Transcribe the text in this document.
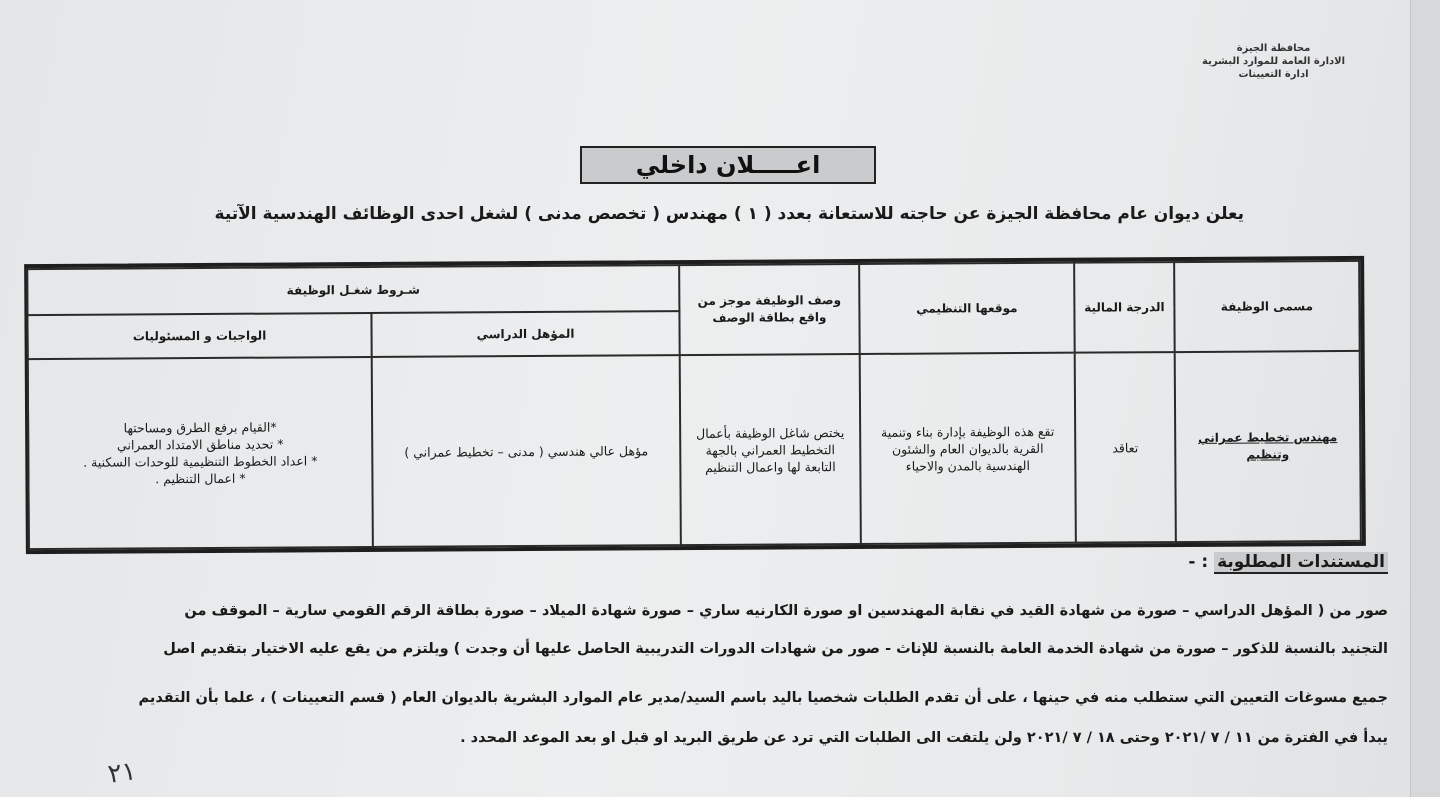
محافظة الجيزة
الادارة العامة للموارد البشرية
ادارة التعيينات
اعـــــلان داخلي
يعلن ديوان عام محافظة الجيزة عن حاجته للاستعانة بعدد ( ١ ) مهندس ( تخصص مدنى ) لشغل احدى الوظائف الهندسية الآتية
مسمى الوظيفة	الدرجة المالية	موقعها التنظيمي	وصف الوظيفة موجز من واقع بطاقة الوصف	شـروط شغـل الوظيفة	
				المؤهل الدراسي	الواجبات و المسئوليات
مهندس تخطيط عمراني وتنظيم	تعاقد	تقع هذه الوظيفة بإدارة بناء وتنمية القرية بالديوان العام والشئون الهندسية بالمدن والاحياء	يختص شاغل الوظيفة بأعمال التخطيط العمراني بالجهة التابعة لها واعمال التنظيم	مؤهل عالي هندسي ( مدنى – تخطيط عمراني )	*القيام برفع الطرق ومساحتها
* تحديد مناطق الامتداد العمراني
* اعداد الخطوط التنظيمية للوحدات السكنية .
* اعمال التنظيم .
المستندات المطلوبة : -
صور من ( المؤهل الدراسي – صورة من شهادة القيد في نقابة المهندسين او صورة الكارنيه ساري – صورة شهادة الميلاد – صورة بطاقة الرقم القومي سارية – الموقف من
التجنيد بالنسبة للذكور – صورة من شهادة الخدمة العامة بالنسبة للإناث - صور من شهادات الدورات التدريبية الحاصل عليها أن وجدت ) ويلتزم من يقع عليه الاختيار بتقديم اصل
جميع مسوغات التعيين التي ستطلب منه في حينها ، على أن تقدم الطلبات شخصيا باليد باسم السيد/مدير عام الموارد البشرية بالديوان العام ( قسم التعيينات ) ، علما بأن التقديم
يبدأ في الفترة من ١١ / ٧ /٢٠٢١ وحتى ١٨ / ٧ /٢٠٢١ ولن يلتفت الى الطلبات التي ترد عن طريق البريد او قبل او بعد الموعد المحدد .
٢١
